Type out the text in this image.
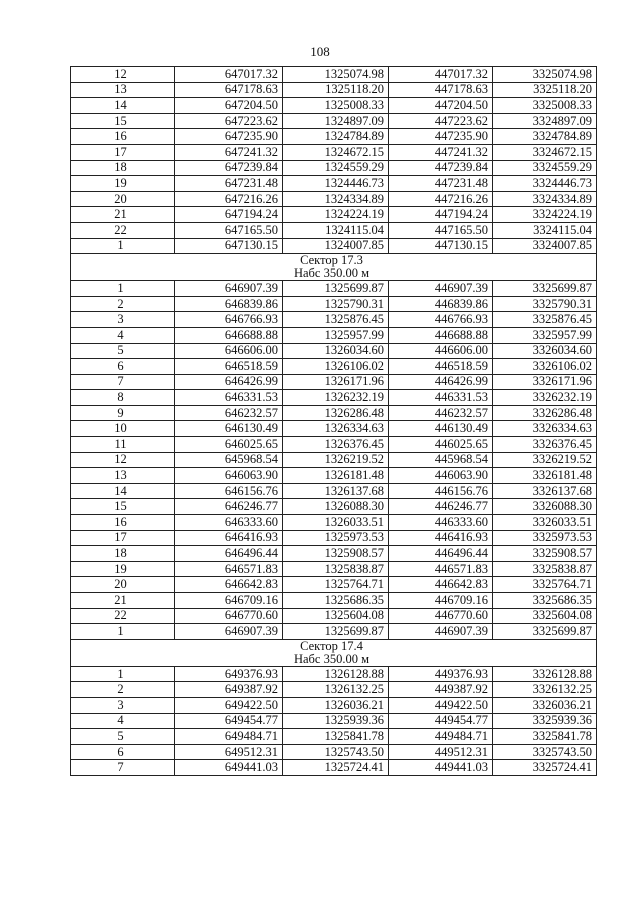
108
12	647017.32	1325074.98	447017.32	3325074.98
13	647178.63	1325118.20	447178.63	3325118.20
14	647204.50	1325008.33	447204.50	3325008.33
15	647223.62	1324897.09	447223.62	3324897.09
16	647235.90	1324784.89	447235.90	3324784.89
17	647241.32	1324672.15	447241.32	3324672.15
18	647239.84	1324559.29	447239.84	3324559.29
19	647231.48	1324446.73	447231.48	3324446.73
20	647216.26	1324334.89	447216.26	3324334.89
21	647194.24	1324224.19	447194.24	3324224.19
22	647165.50	1324115.04	447165.50	3324115.04
1	647130.15	1324007.85	447130.15	3324007.85

Сектор 17.3
Набс 350.00 м				

1	646907.39	1325699.87	446907.39	3325699.87
2	646839.86	1325790.31	446839.86	3325790.31
3	646766.93	1325876.45	446766.93	3325876.45
4	646688.88	1325957.99	446688.88	3325957.99
5	646606.00	1326034.60	446606.00	3326034.60
6	646518.59	1326106.02	446518.59	3326106.02
7	646426.99	1326171.96	446426.99	3326171.96
8	646331.53	1326232.19	446331.53	3326232.19
9	646232.57	1326286.48	446232.57	3326286.48
10	646130.49	1326334.63	446130.49	3326334.63
11	646025.65	1326376.45	446025.65	3326376.45
12	645968.54	1326219.52	445968.54	3326219.52
13	646063.90	1326181.48	446063.90	3326181.48
14	646156.76	1326137.68	446156.76	3326137.68
15	646246.77	1326088.30	446246.77	3326088.30
16	646333.60	1326033.51	446333.60	3326033.51
17	646416.93	1325973.53	446416.93	3325973.53
18	646496.44	1325908.57	446496.44	3325908.57
19	646571.83	1325838.87	446571.83	3325838.87
20	646642.83	1325764.71	446642.83	3325764.71
21	646709.16	1325686.35	446709.16	3325686.35
22	646770.60	1325604.08	446770.60	3325604.08
1	646907.39	1325699.87	446907.39	3325699.87

Сектор 17.4
Набс 350.00 м				

1	649376.93	1326128.88	449376.93	3326128.88
2	649387.92	1326132.25	449387.92	3326132.25
3	649422.50	1326036.21	449422.50	3326036.21
4	649454.77	1325939.36	449454.77	3325939.36
5	649484.71	1325841.78	449484.71	3325841.78
6	649512.31	1325743.50	449512.31	3325743.50
7	649441.03	1325724.41	449441.03	3325724.41
